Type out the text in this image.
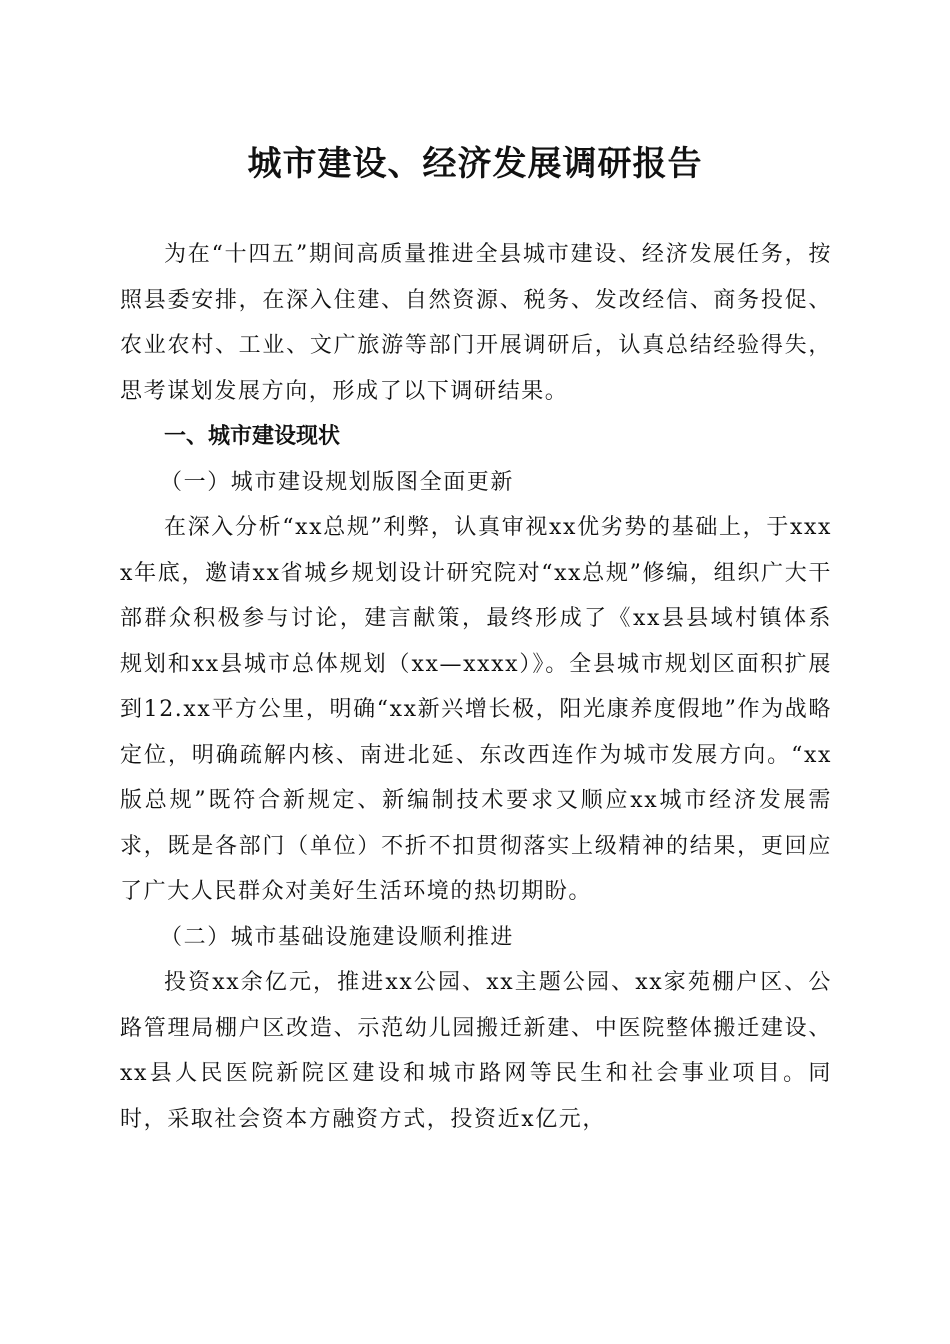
城市建设、经济发展调研报告

为在“十四五”期间高质量推进全县城市建设、经济发展任务，按照县委安排，在深入住建、自然资源、税务、发改经信、商务投促、农业农村、工业、文广旅游等部门开展调研后，认真总结经验得失，思考谋划发展方向，形成了以下调研结果。

一、城市建设现状

（一）城市建设规划版图全面更新

在深入分析“xx总规”利弊，认真审视xx优劣势的基础上，于xxxx年底，邀请xx省城乡规划设计研究院对“xx总规”修编，组织广大干部群众积极参与讨论，建言献策，最终形成了《xx县县域村镇体系规划和xx县城市总体规划（xx—xxxx）》。全县城市规划区面积扩展到12.xx平方公里，明确“xx新兴增长极，阳光康养度假地”作为战略定位，明确疏解内核、南进北延、东改西连作为城市发展方向。“xx版总规”既符合新规定、新编制技术要求又顺应xx城市经济发展需求，既是各部门（单位）不折不扣贯彻落实上级精神的结果，更回应了广大人民群众对美好生活环境的热切期盼。

（二）城市基础设施建设顺利推进

投资xx余亿元，推进xx公园、xx主题公园、xx家苑棚户区、公路管理局棚户区改造、示范幼儿园搬迁新建、中医院整体搬迁建设、xx县人民医院新院区建设和城市路网等民生和社会事业项目。同时，采取社会资本方融资方式，投资近x亿元，
